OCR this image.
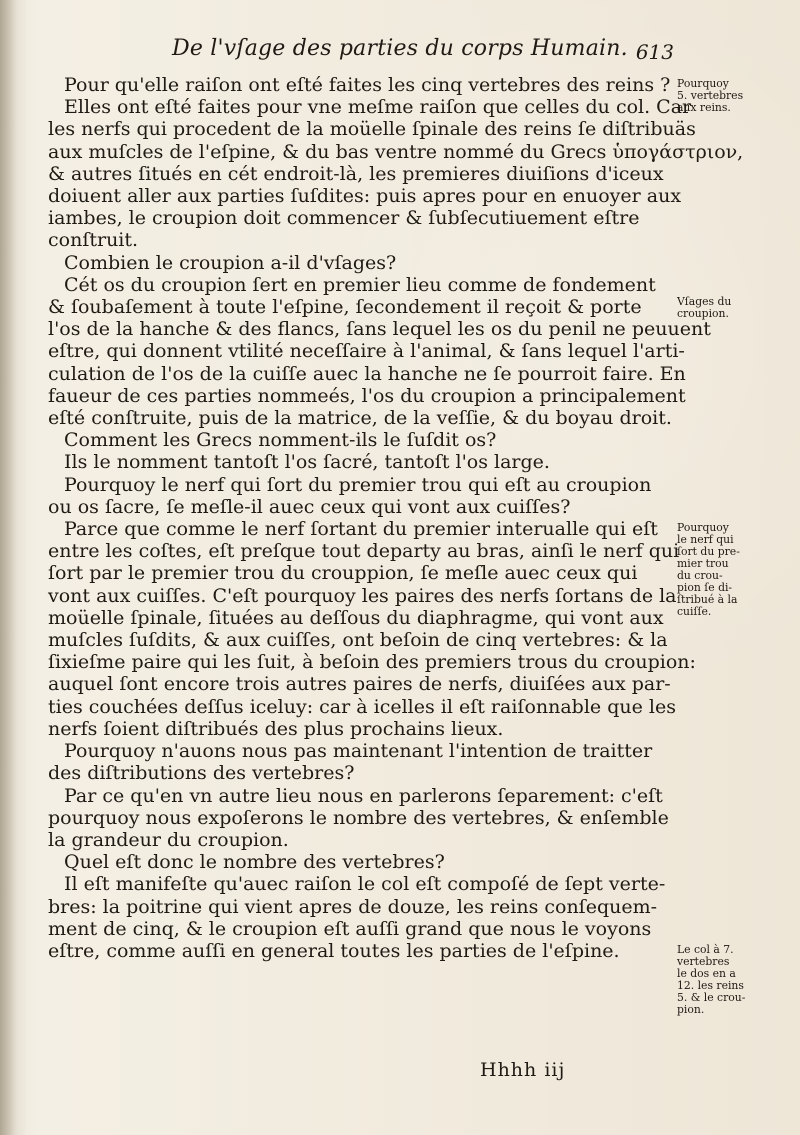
De l'vſage des parties du corps Humain. 613
Pour qu'elle raiſon ont eſté faites les cinq vertebres des reins ?
Elles ont eſté faites pour vne meſme raiſon que celles du col. Car
les nerfs qui procedent de la moüelle ſpinale des reins ſe diſtribuäs
aux muſcles de l'eſpine, & du bas ventre nommé du Grecs ὑπογάστριον,
& autres ſitués en cét endroit-là, les premieres diuiſions d'iceux
doiuent aller aux parties ſuſdites: puis apres pour en enuoyer aux
iambes, le croupion doit commencer & ſubſecutiuement eſtre
conſtruit.
Combien le croupion a-il d'vſages?
Cét os du croupion ſert en premier lieu comme de fondement
& ſoubaſement à toute l'eſpine, ſecondement il reçoit & porte
l'os de la hanche & des flancs, ſans lequel les os du penil ne peuuent
eſtre, qui donnent vtilité neceſſaire à l'animal, & ſans lequel l'arti-
culation de l'os de la cuiſſe auec la hanche ne ſe pourroit faire. En
faueur de ces parties nommeés, l'os du croupion a principalement
eſté conſtruite, puis de la matrice, de la veſſie, & du boyau droit.
Comment les Grecs nomment-ils le ſuſdit os?
Ils le nomment tantoſt l'os ſacré, tantoſt l'os large.
Pourquoy le nerf qui ſort du premier trou qui eſt au croupion
ou os ſacre, ſe meſle-il auec ceux qui vont aux cuiſſes?
Parce que comme le nerf ſortant du premier interualle qui eſt
entre les coſtes, eſt preſque tout departy au bras, ainſi le nerf qui
ſort par le premier trou du crouppion, ſe meſle auec ceux qui
vont aux cuiſſes. C'eſt pourquoy les paires des nerfs ſortans de la
moüelle ſpinale, ſituées au deſſous du diaphragme, qui vont aux
muſcles ſuſdits, & aux cuiſſes, ont beſoin de cinq vertebres: & la
ſixieſme paire qui les ſuit, à beſoin des premiers trous du croupion:
auquel ſont encore trois autres paires de nerfs, diuiſées aux par-
ties couchées deſſus iceluy: car à icelles il eſt raiſonnable que les
nerfs ſoient diſtribués des plus prochains lieux.
Pourquoy n'auons nous pas maintenant l'intention de traitter
des diſtributions des vertebres?
Par ce qu'en vn autre lieu nous en parlerons ſeparement: c'eſt
pourquoy nous expoſerons le nombre des vertebres, & enſemble
la grandeur du croupion.
Quel eſt donc le nombre des vertebres?
Il eſt manifeſte qu'auec raiſon le col eſt compoſé de ſept verte-
bres: la poitrine qui vient apres de douze, les reins conſequem-
ment de cinq, & le croupion eſt auſſi grand que nous le voyons
eſtre, comme auſſi en general toutes les parties de l'eſpine.
Pourquoy
5. vertebres
aux reins.
Vſages du
croupion.
Pourquoy
le nerf qui
ſort du pre-
mier trou
du crou-
pion ſe di-
ſtribué à la
cuiſſe.
Le col à 7.
vertebres
le dos en a
12. les reins
5. & le crou-
pion.
Hhhh iij
